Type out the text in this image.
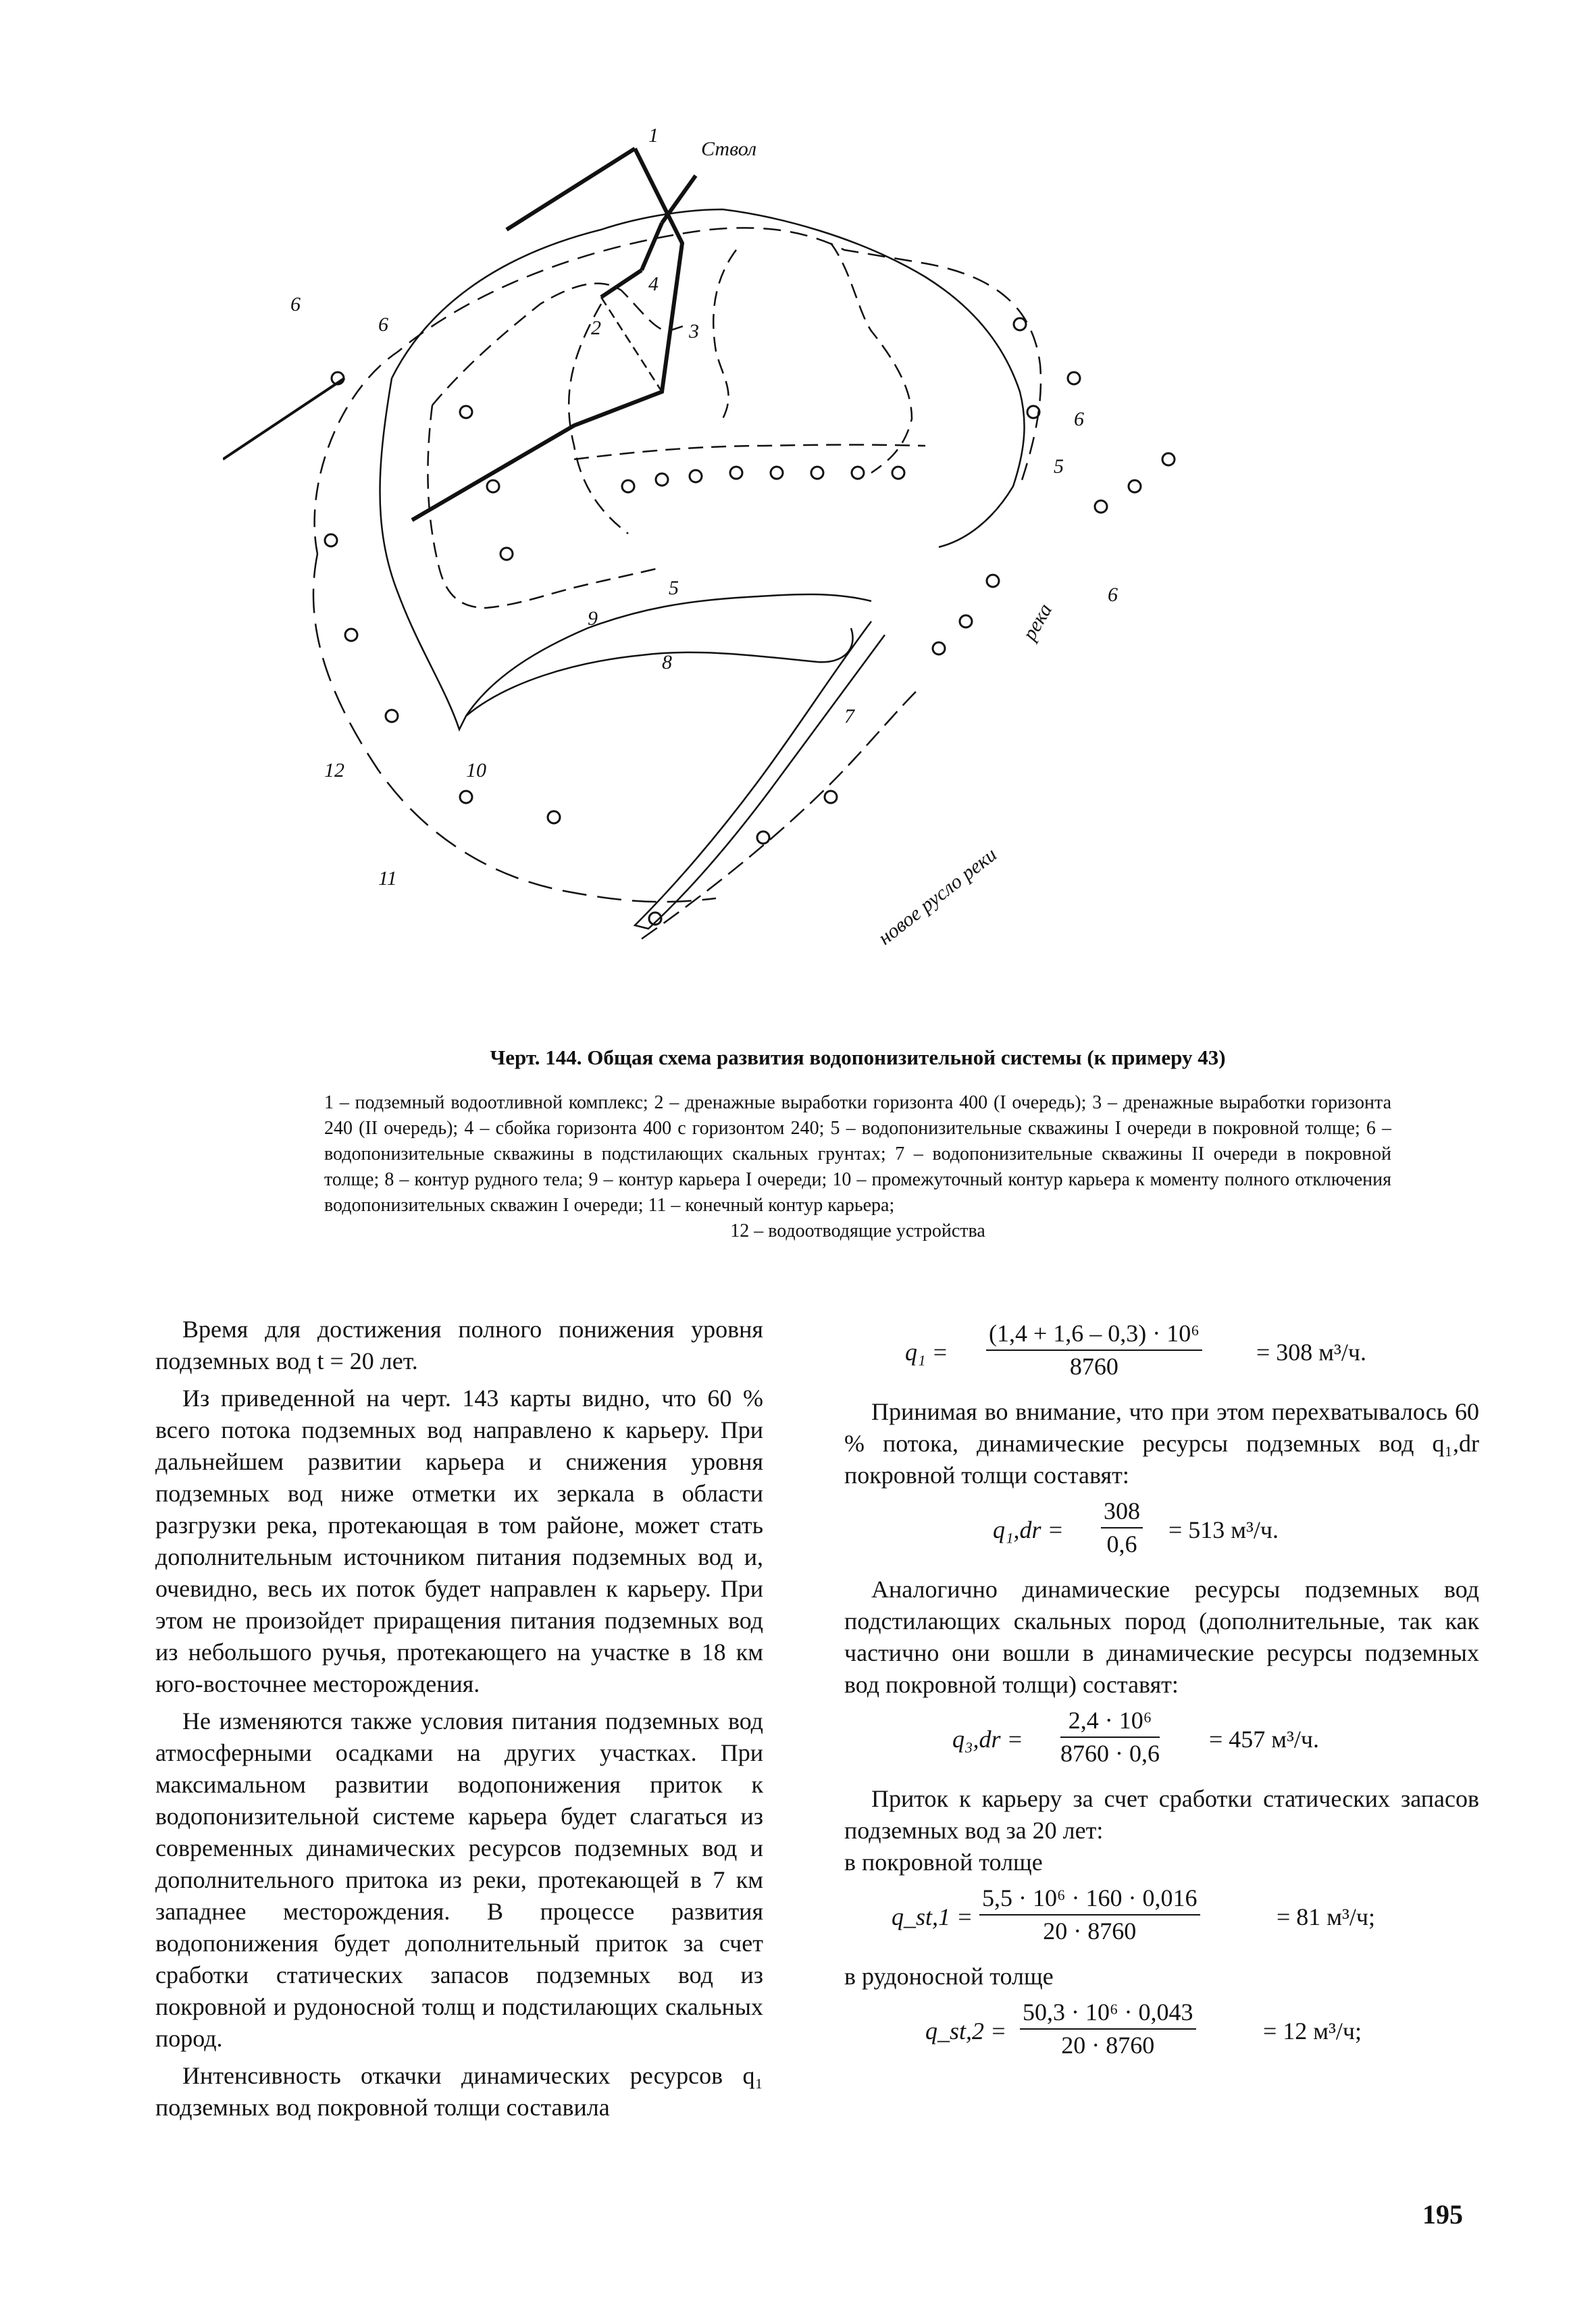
Ствол
1
2	3
4
5
5
6
6
6
6
7
8
9
10
11
12
река
новое русло реки

Черт. 144. Общая схема развития водопонизительной системы (к примеру 43)

1 – подземный водоотливной комплекс; 2 – дренажные выработки горизонта 400 (I очередь); 3 – дренажные выработки горизонта 240 (II очередь); 4 – сбойка горизонта 400 с горизонтом 240; 5 – водопонизительные скважины I очереди в покровной толще; 6 – водопонизительные скважины в подстилающих скальных грунтах; 7 – водопонизительные скважины II очереди в покровной толще; 8 – контур рудного тела; 9 – контур карьера I очереди; 10 – промежуточный контур карьера к моменту полного отключения водопонизительных скважин I очереди; 11 – конечный контур карьера;

12 – водоотводящие устройства

Время для достижения полного понижения уровня подземных вод t = 20 лет.

Из приведенной на черт. 143 карты видно, что 60 % всего потока подземных вод направлено к карьеру. При дальнейшем развитии карьера и снижения уровня подземных вод ниже отметки их зеркала в области разгрузки река, протекающая в том районе, может стать дополнительным источником питания подземных вод и, очевидно, весь их поток будет направлен к карьеру. При этом не произойдет приращения питания подземных вод из небольшого ручья, протекающего на участке в 18 км юго-восточнее месторождения.

Не изменяются также условия питания подземных вод атмосферными осадками на других участках. При максимальном развитии водопонижения приток к водопонизительной системе карьера будет слагаться из современных динамических ресурсов подземных вод и дополнительного притока из реки, протекающей в 7 км западнее месторождения. В процессе развития водопонижения будет дополнительный приток за счет сработки статических запасов подземных вод из покровной и рудоносной толщ и подстилающих скальных пород.

Интенсивность откачки динамических ресурсов q₁ подземных вод покровной толщи составила

$q_1 = \frac{\text{(1,4 + 1,6 – 0,3) · 10⁶}}{8760} = 308$ м³/ч.

Принимая во внимание, что при этом перехватывалось 60 % потока, динамические ресурсы подземных вод q₁,dr покровной толщи составят:

$q_1,dr = \frac{308}{0,6} = 513$ м³/ч.

Аналогично динамические ресурсы подземных вод подстилающих скальных пород (дополнительные, так как частично они вошли в динамические ресурсы подземных вод покровной толщи) составят:

$q_3,dr = \frac{\text{2,4 · 10⁶}}{8760 \cdot 0,6} = 457$ м³/ч.

Приток к карьеру за счет сработки статических запасов подземных вод за 20 лет:

в покровной толще

q_st,1 = $\frac{\text{5,5 · 10⁶ · 160 · 0,016}}{20 \cdot 8760}$	= 81 м³/ч;

в рудоносной толще

q_st,2 = $\frac{\text{50,3 · 10⁶ · 0,043}}{20 \cdot 8760}$	= 12 м³/ч;
195
